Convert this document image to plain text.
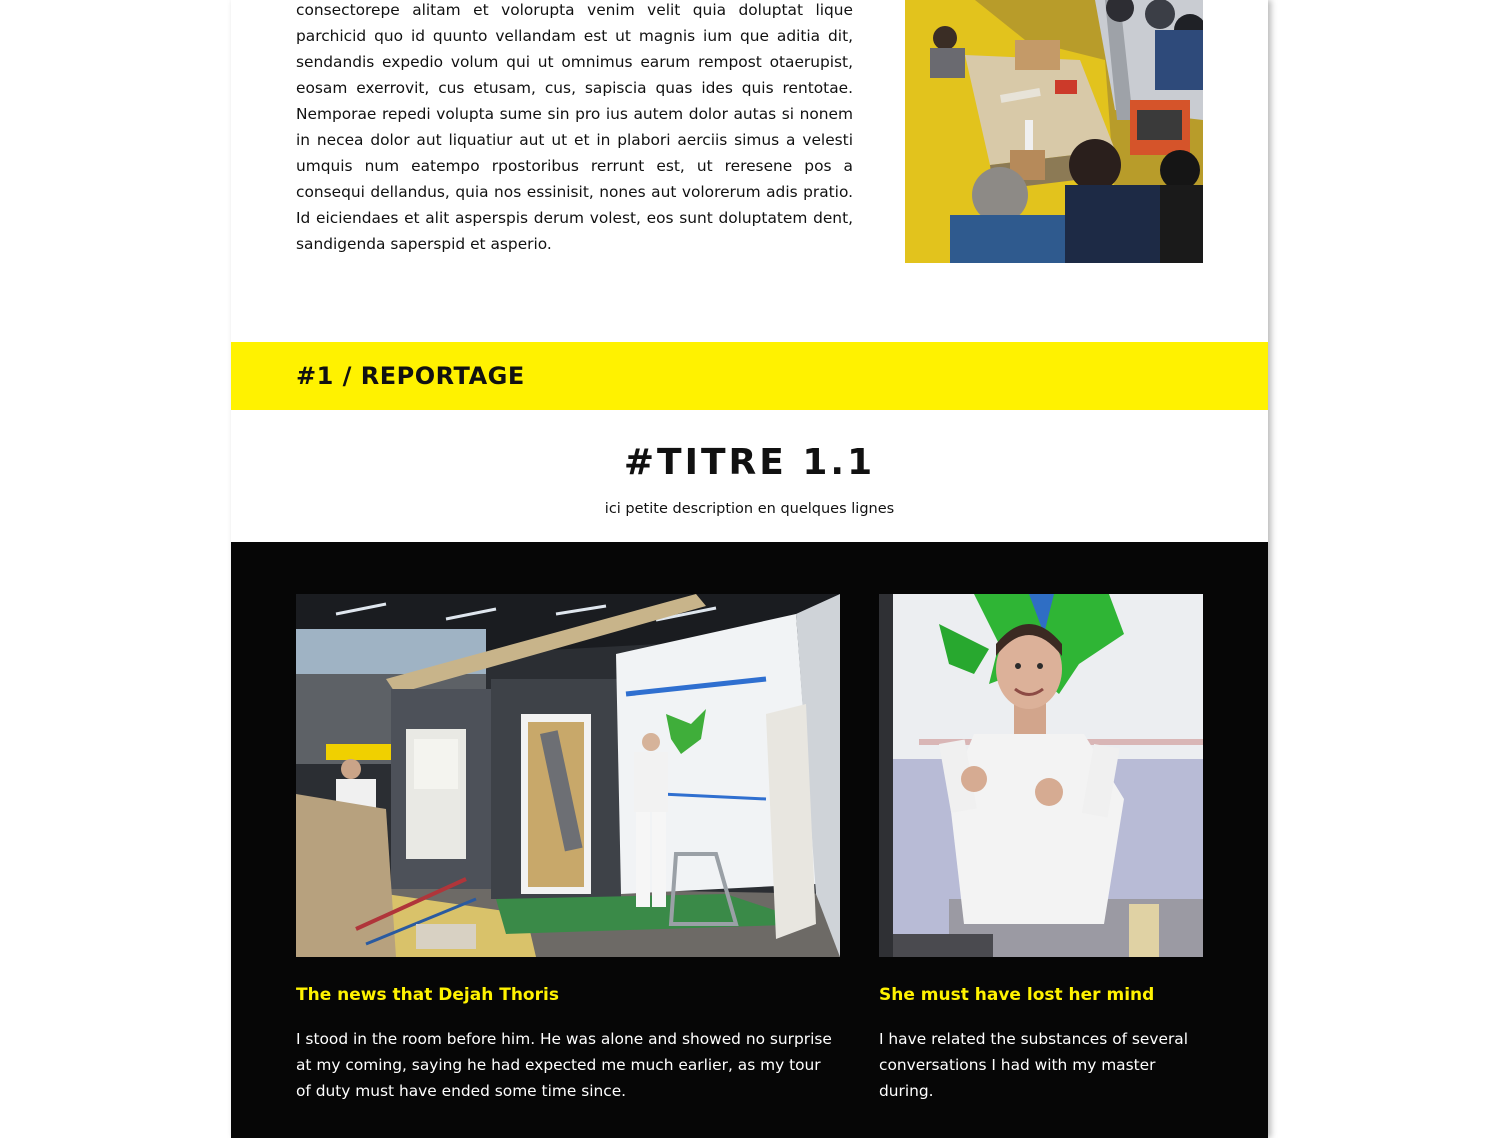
consectorepe alitam et volorupta venim velit quia doluptat lique parchicid quo id quunto vellandam est ut magnis ium que aditia dit, sendandis expedio volum qui ut omnimus earum rempost otaerupist, eosam exerrovit, cus etusam, cus, sapiscia quas ides quis rentotae. Nemporae repedi volupta sume sin pro ius autem dolor autas si nonem in necea dolor aut liquatiur aut ut et in plabori aerciis simus a velesti umquis num eatempo rpostoribus rerrunt est, ut reresene pos a consequi dellandus, quia nos essinisit, nones aut volorerum adis pratio. Id eiciendaes et alit asperspis derum volest, eos sunt doluptatem dent, sandigenda saperspid et asperio.

#1 / REPORTAGE
#TITRE 1.1

ici petite description en quelques lignes

The news that Dejah Thoris

I stood in the room before him. He was alone and showed no surprise at my coming, saying he had expected me much earlier, as my tour of duty must have ended some time since.

She must have lost her mind

I have related the substances of several conversations I had with my master during.
